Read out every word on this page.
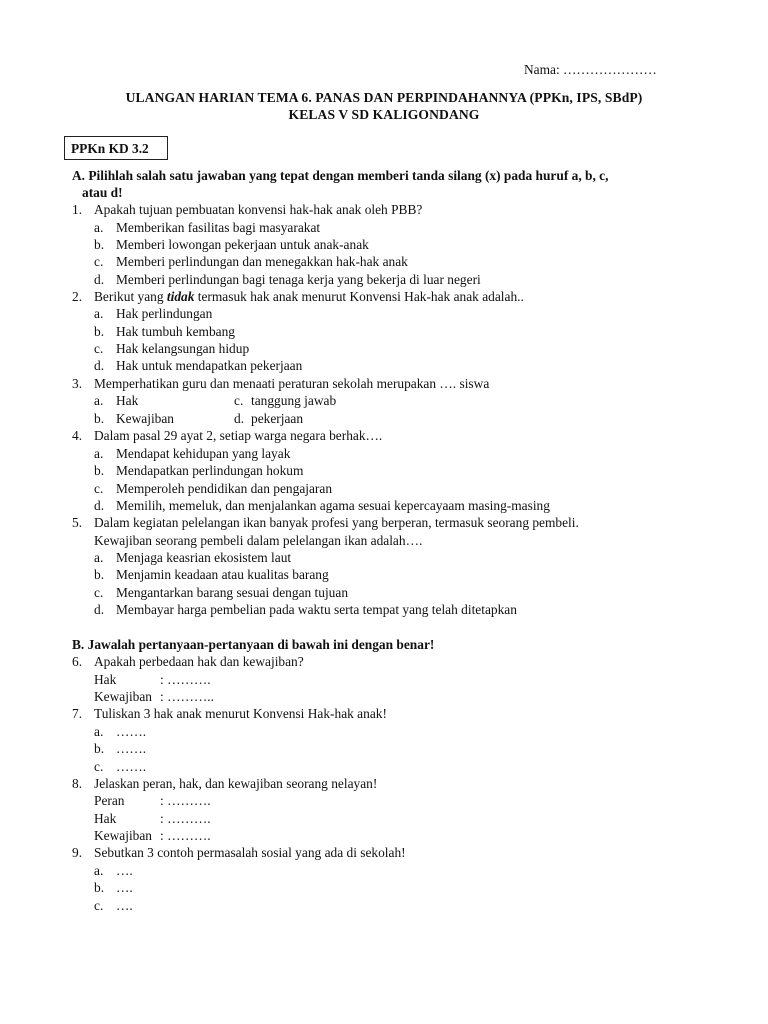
Nama: …………………
ULANGAN HARIAN TEMA 6. PANAS DAN PERPINDAHANNYA (PPKn, IPS, SBdP)
KELAS V SD KALIGONDANG
PPKn KD 3.2
A. Pilihlah salah satu jawaban yang tepat dengan memberi tanda silang (x) pada huruf a, b, c,
atau d!
1. Apakah tujuan pembuatan konvensi hak-hak anak oleh PBB?
a. Memberikan fasilitas bagi masyarakat
b. Memberi lowongan pekerjaan untuk anak-anak
c. Memberi perlindungan dan menegakkan hak-hak anak
d. Memberi perlindungan bagi tenaga kerja yang bekerja di luar negeri
2. Berikut yang tidak termasuk hak anak menurut Konvensi Hak-hak anak adalah..
a. Hak perlindungan
b. Hak tumbuh kembang
c. Hak kelangsungan hidup
d. Hak untuk mendapatkan pekerjaan
3. Memperhatikan guru dan menaati peraturan sekolah merupakan …. siswa
a. Hak	c. tanggung jawab
b. Kewajiban	d. pekerjaan
4. Dalam pasal 29 ayat 2, setiap warga negara berhak….
a. Mendapat kehidupan yang layak
b. Mendapatkan perlindungan hokum
c. Memperoleh pendidikan dan pengajaran
d. Memilih, memeluk, dan menjalankan agama sesuai kepercayaam masing-masing
5. Dalam kegiatan pelelangan ikan banyak profesi yang berperan, termasuk seorang pembeli.
Kewajiban seorang pembeli dalam pelelangan ikan adalah….
a. Menjaga keasrian ekosistem laut
b. Menjamin keadaan atau kualitas barang
c. Mengantarkan barang sesuai dengan tujuan
d. Membayar harga pembelian pada waktu serta tempat yang telah ditetapkan
B. Jawalah pertanyaan-pertanyaan di bawah ini dengan benar!
6. Apakah perbedaan hak dan kewajiban?
Hak	: ……….
Kewajiban : ………..
7. Tuliskan 3 hak anak menurut Konvensi Hak-hak anak!
a. …….
b. …….
c. …….
8. Jelaskan peran, hak, dan kewajiban seorang nelayan!
Peran	: ……….
Hak	: ……….
Kewajiban : ……….
9. Sebutkan 3 contoh permasalah sosial yang ada di sekolah!
a. ….
b. ….
c. ….
